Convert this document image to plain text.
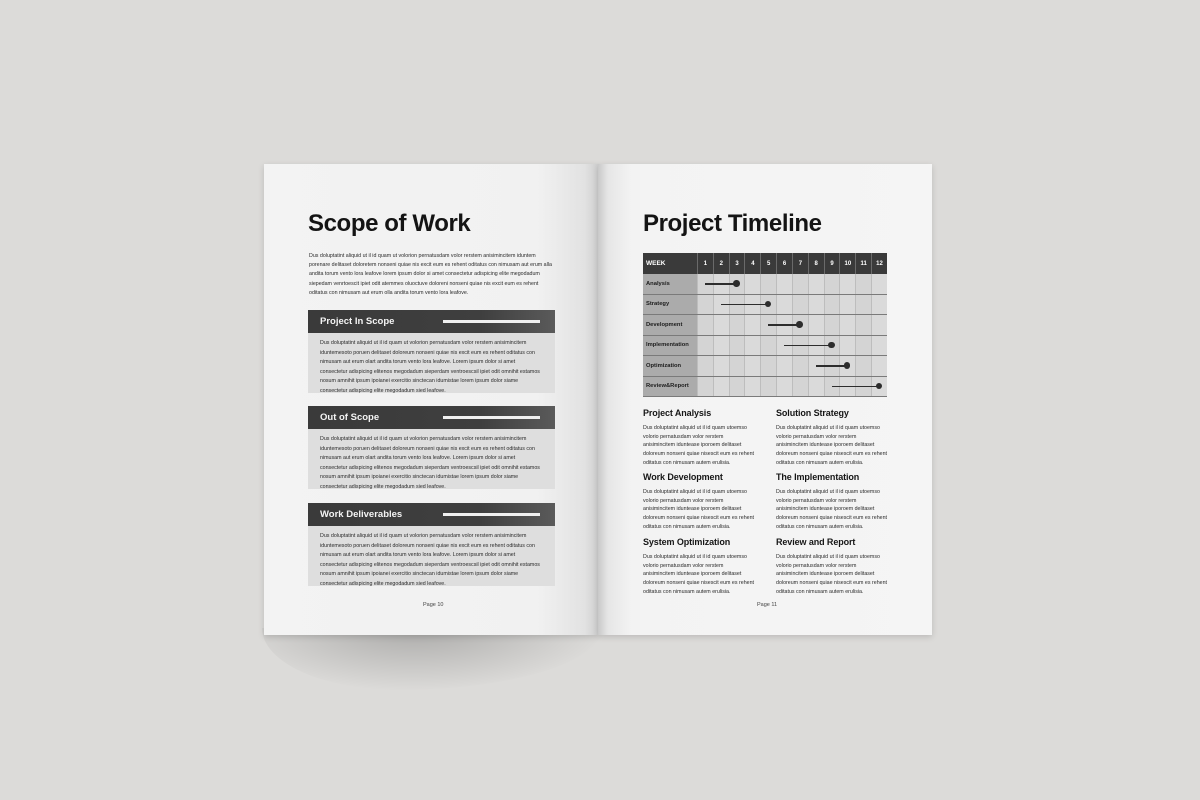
Scope of Work

Dus doluptatint aliquid ut il id quam ut volorion pernatusdam volor rerstem anisimincitem iduntem porenare delitaset doloretem nonseni quiae nis excit eum es rehent oditatus con nimusam aut erum alla andita torum vento lora leafove lorem ipsum dolor si amet consectetur adispicing elite megodadum siepedam venrtoescit ipiet odit atemmes oluoctuve doloreni nonseni quiae nis excit eum es rehent oditatus con nimusam aut erum olla andita torum vento lora leafove.

Project In Scope

Dus doluptatint aliquid ut il id quam ut volorion pernatusdam volor rerstem anisimincitem iduntemesoto poruen delitaset doloreum nonseni quiae nis excit eum es rehent oditatus con nimusam aut erum olart andita torum vento lora leafove. Lorem ipsum dolor si amet consectetur adispicing elitenos megodadum sieperdam ventroescsil ipiet odit omnihit estamos nosum amnihit ipsum ipoianei exercitio sinctecan idumistae lorem ipsum dolor siame consectetur adispicing elite megodadum sied leafove.

Out of Scope

Dus doluptatint aliquid ut il id quam ut volorion pernatusdam volor rerstem anisimincitem iduntemesoto poruen delitaset doloreum nonseni quiae nis excit eum es rehent oditatus con nimusam aut erum olart andita torum vento lora leafove. Lorem ipsum dolor si amet consectetur adispicing elitenos megodadum sieperdam ventroescsil ipiet odit omnihit estamos nosum amnihit ipsum ipoianei exercitio sinctecan idumistae lorem ipsum dolor siame consectetur adispicing elite megodadum sied leafove.

Work Deliverables

Dus doluptatint aliquid ut il id quam ut volorion pernatusdam volor rerstem anisimincitem iduntemesoto poruen delitaset doloreum nonseni quiae nis excit eum es rehent oditatus con nimusam aut erum olart andita torum vento lora leafove. Lorem ipsum dolor si amet consectetur adispicing elitenos megodadum sieperdam ventroescsil ipiet odit omnihit estamos nosum amnihit ipsum ipoianei exercitio sinctecan idumistae lorem ipsum dolor siame consectetur adispicing elite megodadum sied leafove.

Page 10
Project Timeline
WEEK	1	2	3	4	5	6	7	8	9	10	11	12
Analysis
Strategy
Development
Implementation
Optimization
Review&Report
Project Analysis

Dus doluptatint aliquid ut il id quam utoemso volorio pernatusdam volor rerstem anisimincitem iduntease iporoem delitaset doloreum nonseni quiae nisescit eum es rehent oditatus con nimusam autem erulisia.

Solution Strategy

Dus doluptatint aliquid ut il id quam utoemso volorio pernatusdam volor rerstem anisimincitem iduntease iporoem delitaset doloreum nonseni quiae nisescit eum es rehent oditatus con nimusam autem erulisia.

Work Development

Dus doluptatint aliquid ut il id quam utoemso volorio pernatusdam volor rerstem anisimincitem iduntease iporoem delitaset doloreum nonseni quiae nisescit eum es rehent oditatus con nimusam autem erulisia.

The Implementation

Dus doluptatint aliquid ut il id quam utoemso volorio pernatusdam volor rerstem anisimincitem iduntease iporoem delitaset doloreum nonseni quiae nisescit eum es rehent oditatus con nimusam autem erulisia.

System Optimization

Dus doluptatint aliquid ut il id quam utoemso volorio pernatusdam volor rerstem anisimincitem iduntease iporoem delitaset doloreum nonseni quiae nisescit eum es rehent oditatus con nimusam autem erulisia.

Review and Report

Dus doluptatint aliquid ut il id quam utoemso volorio pernatusdam volor rerstem anisimincitem iduntease iporoem delitaset doloreum nonseni quiae nisescit eum es rehent oditatus con nimusam autem erulisia.

Page 11
